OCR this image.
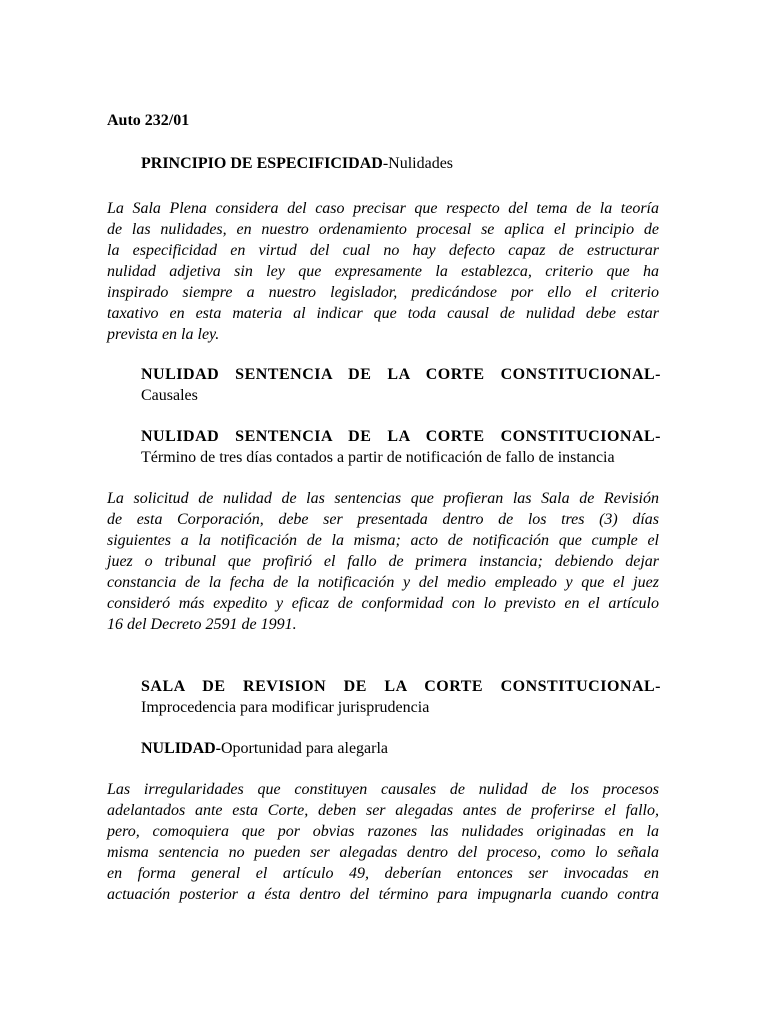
Auto 232/01
PRINCIPIO DE ESPECIFICIDAD-Nulidades
La Sala Plena considera del caso precisar que respecto del tema de la teoría
de las nulidades, en nuestro ordenamiento procesal se aplica el principio de
la especificidad en virtud del cual no hay defecto capaz de estructurar
nulidad adjetiva sin ley que expresamente la establezca, criterio que ha
inspirado siempre a nuestro legislador, predicándose por ello el criterio
taxativo en esta materia al indicar que toda causal de nulidad debe estar
prevista en la ley.
NULIDAD SENTENCIA DE LA CORTE CONSTITUCIONAL-
Causales
NULIDAD SENTENCIA DE LA CORTE CONSTITUCIONAL-
Término de tres días contados a partir de notificación de fallo de instancia
La solicitud de nulidad de las sentencias que profieran las Sala de Revisión
de esta Corporación, debe ser presentada dentro de los tres (3) días
siguientes a la notificación de la misma; acto de notificación que cumple el
juez o tribunal que profirió el fallo de primera instancia; debiendo dejar
constancia de la fecha de la notificación y del medio empleado y que el juez
consideró más expedito y eficaz de conformidad con lo previsto en el artículo
16 del Decreto 2591 de 1991.
SALA DE REVISION DE LA CORTE CONSTITUCIONAL-
Improcedencia para modificar jurisprudencia
NULIDAD-Oportunidad para alegarla
Las irregularidades que constituyen causales de nulidad de los procesos
adelantados ante esta Corte, deben ser alegadas antes de proferirse el fallo,
pero, comoquiera que por obvias razones las nulidades originadas en la
misma sentencia no pueden ser alegadas dentro del proceso, como lo señala
en forma general el artículo 49, deberían entonces ser invocadas en
actuación posterior a ésta dentro del término para impugnarla cuando contra
